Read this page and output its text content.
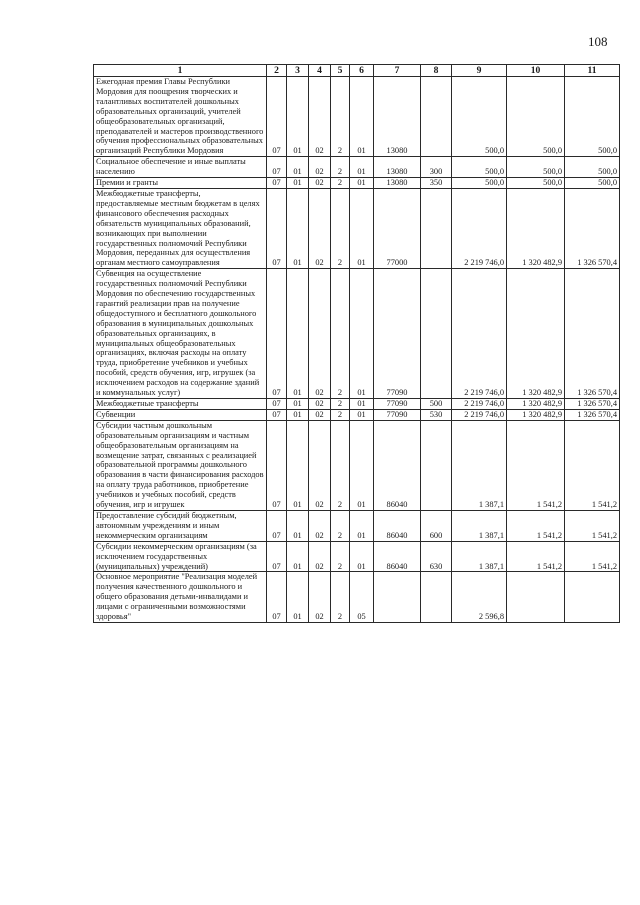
108
1	2	3	4	5	6	7	8	9	10	11
Ежегодная премия Главы Республики Мордовия для поощрения творческих и талантливых воспитателей дошкольных образовательных организаций, учителей общеобразовательных организаций, преподавателей и мастеров производственного обучения профессиональных образовательных организаций Республики Мордовия	07	01	02	2	01	13080		500,0	500,0	500,0
Социальное обеспечение и иные выплаты населению	07	01	02	2	01	13080	300	500,0	500,0	500,0
Премии и гранты	07	01	02	2	01	13080	350	500,0	500,0	500,0
Межбюджетные трансферты, предоставляемые местным бюджетам в целях финансового обеспечения расходных обязательств муниципальных образований, возникающих при выполнении государственных полномочий Республики Мордовия, переданных для осуществления органам местного самоуправления	07	01	02	2	01	77000		2 219 746,0	1 320 482,9	1 326 570,4
Субвенция на осуществление государственных полномочий Республики Мордовия по обеспечению государственных гарантий реализации прав на получение общедоступного и бесплатного дошкольного образования в муниципальных дошкольных образовательных организациях, в муниципальных общеобразовательных организациях, включая расходы на оплату труда, приобретение учебников и учебных пособий, средств обучения, игр, игрушек (за исключением расходов на содержание зданий и коммунальных услуг)	07	01	02	2	01	77090		2 219 746,0	1 320 482,9	1 326 570,4
Межбюджетные трансферты	07	01	02	2	01	77090	500	2 219 746,0	1 320 482,9	1 326 570,4
Субвенции	07	01	02	2	01	77090	530	2 219 746,0	1 320 482,9	1 326 570,4
Субсидии частным дошкольным образовательным организациям и частным общеобразовательным организациям на возмещение затрат, связанных с реализацией образовательной программы дошкольного образования в части финансирования расходов на оплату труда работников, приобретение учебников и учебных пособий, средств обучения, игр и игрушек	07	01	02	2	01	86040		1 387,1	1 541,2	1 541,2
Предоставление субсидий бюджетным, автономным учреждениям и иным некоммерческим организациям	07	01	02	2	01	86040	600	1 387,1	1 541,2	1 541,2
Субсидии некоммерческим организациям (за исключением государственных (муниципальных) учреждений)	07	01	02	2	01	86040	630	1 387,1	1 541,2	1 541,2
Основное мероприятие "Реализация моделей получения качественного дошкольного и общего образования детьми-инвалидами и лицами с ограниченными возможностями здоровья"	07	01	02	2	05			2 596,8		
